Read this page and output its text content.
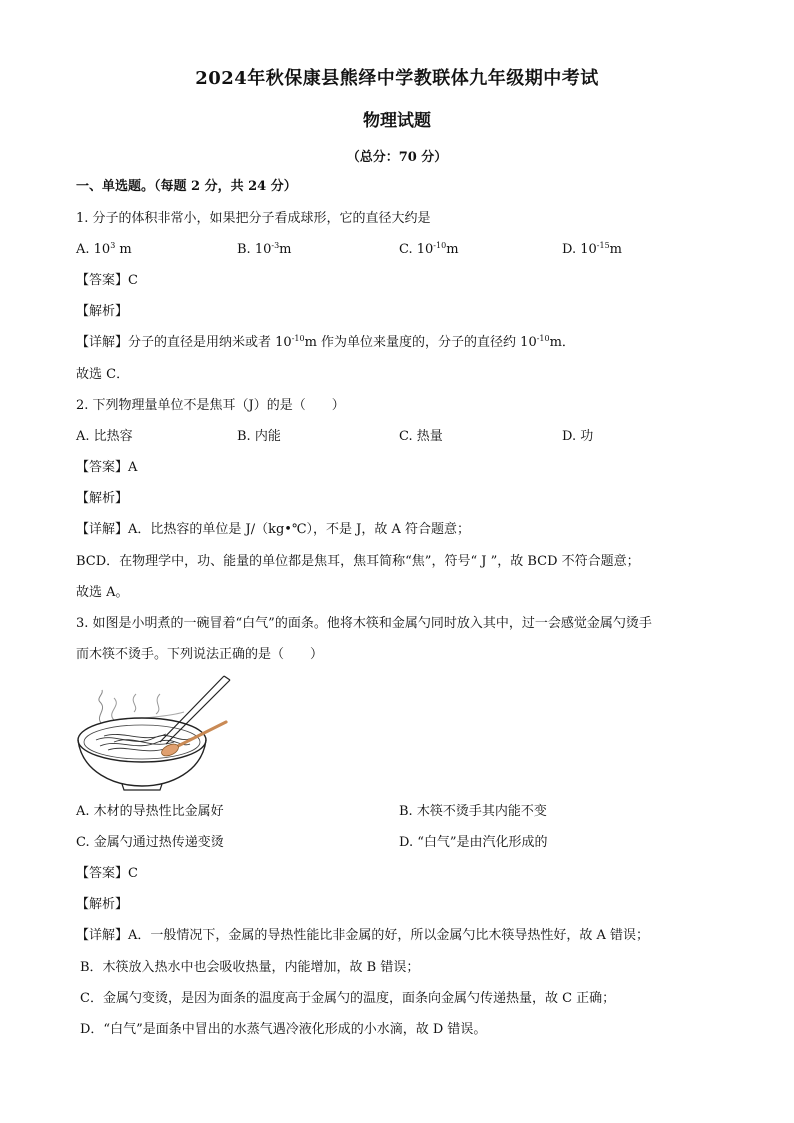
2024年秋保康县熊绎中学教联体九年级期中考试
物理试题
（总分：70 分）
一、单选题。（每题 2 分，共 24 分）
1. 分子的体积非常小，如果把分子看成球形，它的直径大约是
A. $10^3$ m	B. $10^{-3}m$	C. $10^{-10}m$	D. $10^{-15}m$
【答案】C
【解析】
【详解】分子的直径是用纳米或者 $10^{-10}m$ 作为单位来量度的，分子的直径约 $10^{-10}m$．
故选 C．
2. 下列物理量单位不是焦耳（J）的是（　　）
A. 比热容	B. 内能	C. 热量	D. 功
【答案】A
【解析】
【详解】A．比热容的单位是 J/（kg•℃），不是 J，故 A 符合题意；
BCD．在物理学中，功、能量的单位都是焦耳，焦耳简称“焦”，符号“ J ”，故 BCD 不符合题意；
故选 A。
3. 如图是小明煮的一碗冒着“白气”的面条。他将木筷和金属勺同时放入其中，过一会感觉金属勺烫手
而木筷不烫手。下列说法正确的是（　　）
A. 木材的导热性比金属好	B. 木筷不烫手其内能不变
C. 金属勺通过热传递变烫	D. “白气”是由汽化形成的
【答案】C
【解析】
【详解】A．一般情况下，金属的导热性能比非金属的好，所以金属勺比木筷导热性好，故 A 错误；
B．木筷放入热水中也会吸收热量，内能增加，故 B 错误；
C．金属勺变烫，是因为面条的温度高于金属勺的温度，面条向金属勺传递热量，故 C 正确；
D．“白气”是面条中冒出的水蒸气遇冷液化形成的小水滴，故 D 错误。
